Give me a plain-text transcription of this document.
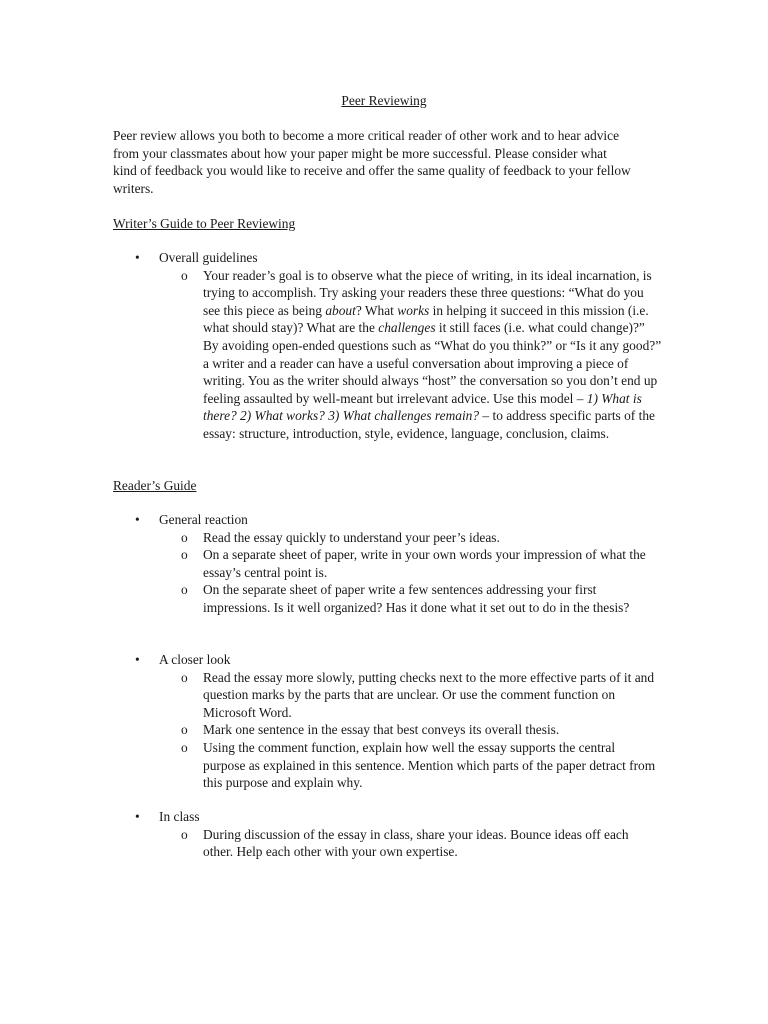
Peer Reviewing

Peer review allows you both to become a more critical reader of other work and to hear advice from your classmates about how your paper might be more successful. Please consider what kind of feedback you would like to receive and offer the same quality of feedback to your fellow writers.

Writer’s Guide to Peer Reviewing
• Overall guidelines
o Your reader’s goal is to observe what the piece of writing, in its ideal incarnation, is trying to accomplish. Try asking your readers these three questions: “What do you see this piece as being about? What works in helping it succeed in this mission (i.e. what should stay)? What are the challenges it still faces (i.e. what could change)?” By avoiding open-ended questions such as “What do you think?” or “Is it any good?” a writer and a reader can have a useful conversation about improving a piece of writing. You as the writer should always “host” the conversation so you don’t end up feeling assaulted by well-meant but irrelevant advice. Use this model – 1) What is there? 2) What works? 3) What challenges remain? – to address specific parts of the essay: structure, introduction, style, evidence, language, conclusion, claims.
Reader’s Guide
• General reaction
o Read the essay quickly to understand your peer’s ideas.
o On a separate sheet of paper, write in your own words your impression of what the essay’s central point is.
o On the separate sheet of paper write a few sentences addressing your first impressions. Is it well organized? Has it done what it set out to do in the thesis?
• A closer look
o Read the essay more slowly, putting checks next to the more effective parts of it and question marks by the parts that are unclear. Or use the comment function on Microsoft Word.
o Mark one sentence in the essay that best conveys its overall thesis.
o Using the comment function, explain how well the essay supports the central purpose as explained in this sentence. Mention which parts of the paper detract from this purpose and explain why.
• In class
o During discussion of the essay in class, share your ideas. Bounce ideas off each other. Help each other with your own expertise.
